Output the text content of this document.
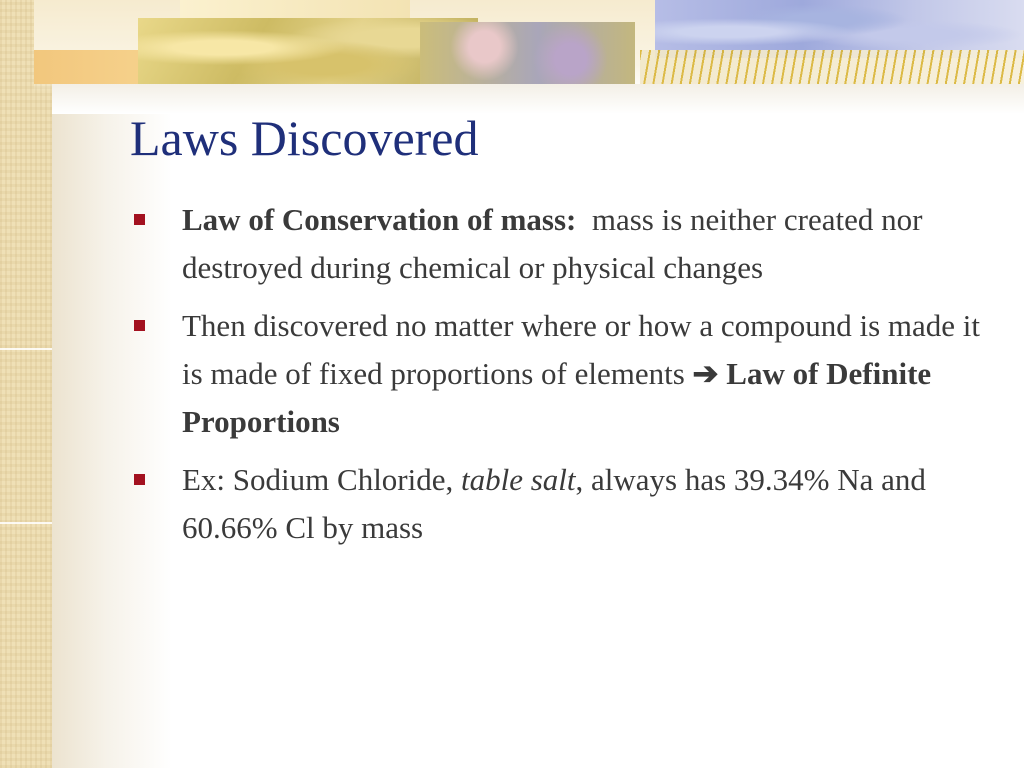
Laws Discovered
Law of Conservation of mass: mass is neither created nor destroyed during chemical or physical changes
Then discovered no matter where or how a compound is made it is made of fixed proportions of elements ➔ Law of Definite Proportions
Ex: Sodium Chloride, table salt, always has 39.34% Na and 60.66% Cl by mass
